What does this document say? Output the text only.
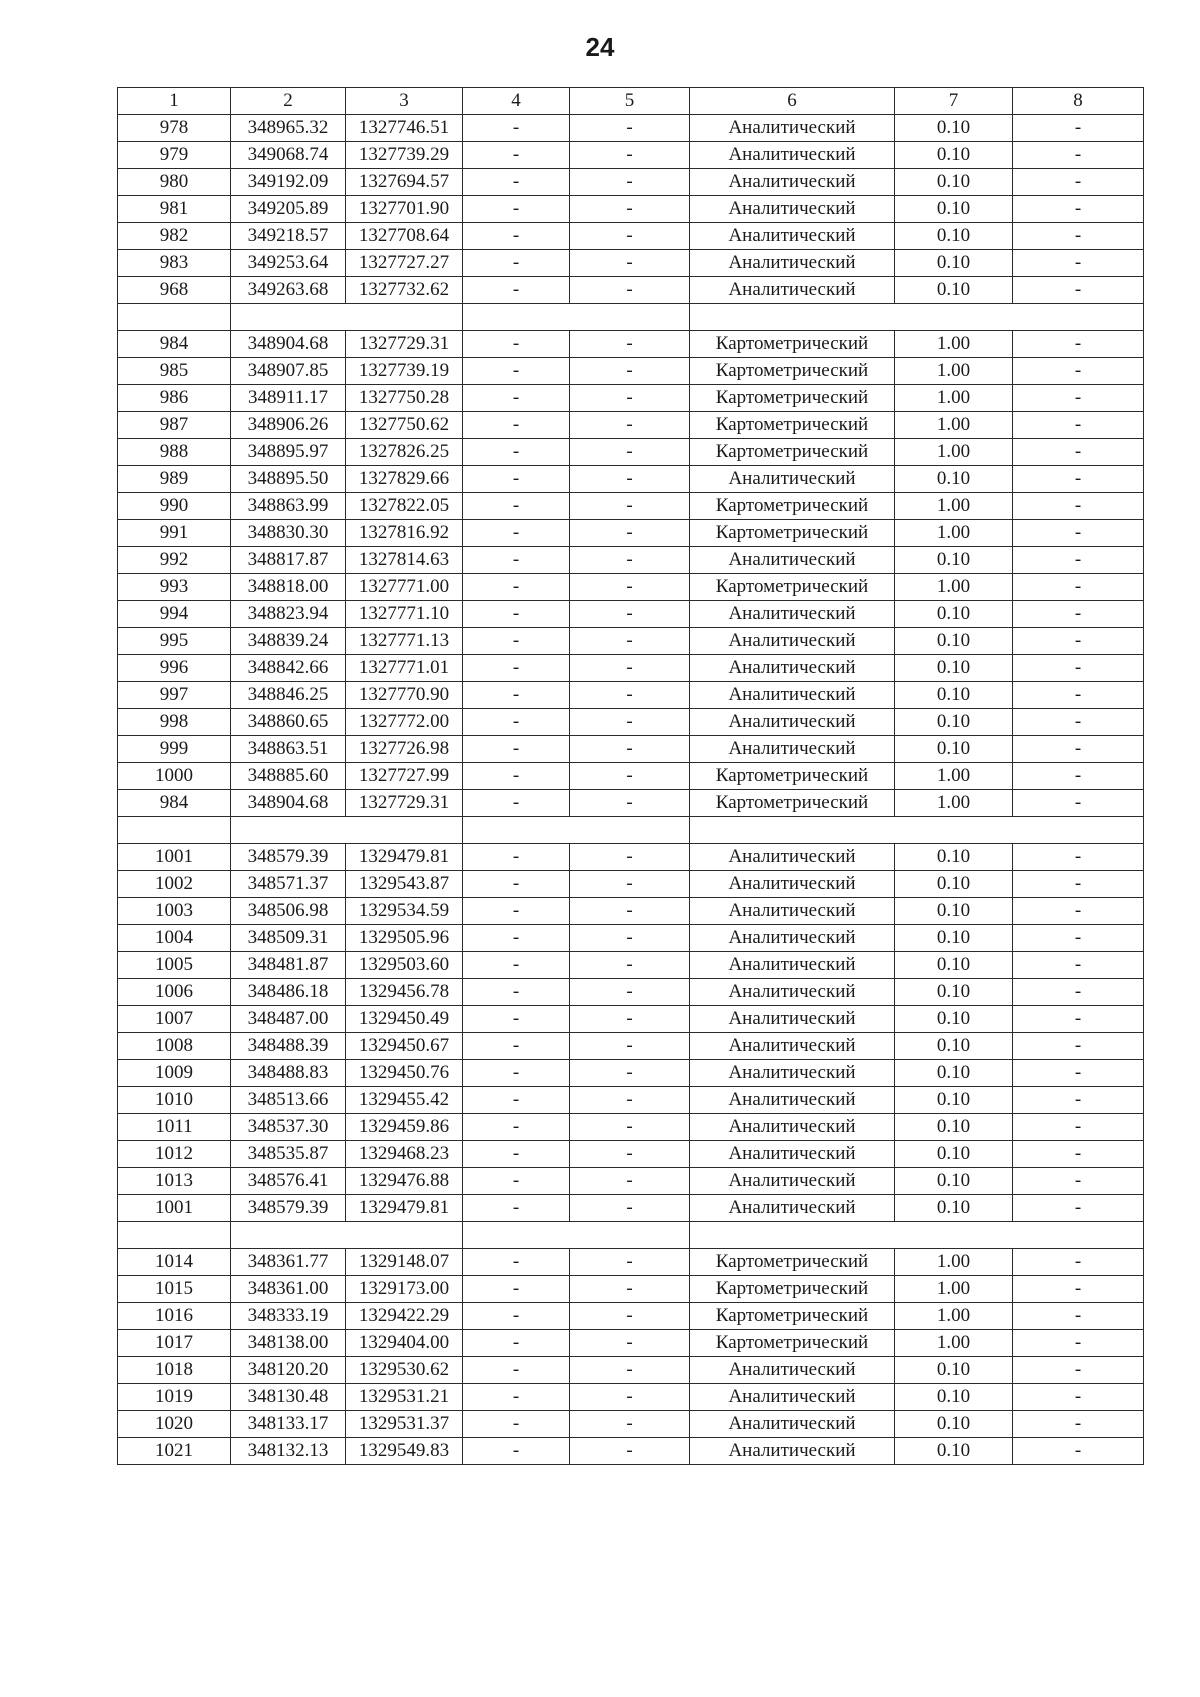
24
1	2	3	4	5	6	7	8
978	348965.32	1327746.51	-	-	Аналитический	0.10	-
979	349068.74	1327739.29	-	-	Аналитический	0.10	-
980	349192.09	1327694.57	-	-	Аналитический	0.10	-
981	349205.89	1327701.90	-	-	Аналитический	0.10	-
982	349218.57	1327708.64	-	-	Аналитический	0.10	-
983	349253.64	1327727.27	-	-	Аналитический	0.10	-
968	349263.68	1327732.62	-	-	Аналитический	0.10	-

984	348904.68	1327729.31	-	-	Картометрический	1.00	-
985	348907.85	1327739.19	-	-	Картометрический	1.00	-
986	348911.17	1327750.28	-	-	Картометрический	1.00	-
987	348906.26	1327750.62	-	-	Картометрический	1.00	-
988	348895.97	1327826.25	-	-	Картометрический	1.00	-
989	348895.50	1327829.66	-	-	Аналитический	0.10	-
990	348863.99	1327822.05	-	-	Картометрический	1.00	-
991	348830.30	1327816.92	-	-	Картометрический	1.00	-
992	348817.87	1327814.63	-	-	Аналитический	0.10	-
993	348818.00	1327771.00	-	-	Картометрический	1.00	-
994	348823.94	1327771.10	-	-	Аналитический	0.10	-
995	348839.24	1327771.13	-	-	Аналитический	0.10	-
996	348842.66	1327771.01	-	-	Аналитический	0.10	-
997	348846.25	1327770.90	-	-	Аналитический	0.10	-
998	348860.65	1327772.00	-	-	Аналитический	0.10	-
999	348863.51	1327726.98	-	-	Аналитический	0.10	-
1000	348885.60	1327727.99	-	-	Картометрический	1.00	-
984	348904.68	1327729.31	-	-	Картометрический	1.00	-

1001	348579.39	1329479.81	-	-	Аналитический	0.10	-
1002	348571.37	1329543.87	-	-	Аналитический	0.10	-
1003	348506.98	1329534.59	-	-	Аналитический	0.10	-
1004	348509.31	1329505.96	-	-	Аналитический	0.10	-
1005	348481.87	1329503.60	-	-	Аналитический	0.10	-
1006	348486.18	1329456.78	-	-	Аналитический	0.10	-
1007	348487.00	1329450.49	-	-	Аналитический	0.10	-
1008	348488.39	1329450.67	-	-	Аналитический	0.10	-
1009	348488.83	1329450.76	-	-	Аналитический	0.10	-
1010	348513.66	1329455.42	-	-	Аналитический	0.10	-
1011	348537.30	1329459.86	-	-	Аналитический	0.10	-
1012	348535.87	1329468.23	-	-	Аналитический	0.10	-
1013	348576.41	1329476.88	-	-	Аналитический	0.10	-
1001	348579.39	1329479.81	-	-	Аналитический	0.10	-

1014	348361.77	1329148.07	-	-	Картометрический	1.00	-
1015	348361.00	1329173.00	-	-	Картометрический	1.00	-
1016	348333.19	1329422.29	-	-	Картометрический	1.00	-
1017	348138.00	1329404.00	-	-	Картометрический	1.00	-
1018	348120.20	1329530.62	-	-	Аналитический	0.10	-
1019	348130.48	1329531.21	-	-	Аналитический	0.10	-
1020	348133.17	1329531.37	-	-	Аналитический	0.10	-
1021	348132.13	1329549.83	-	-	Аналитический	0.10	-
